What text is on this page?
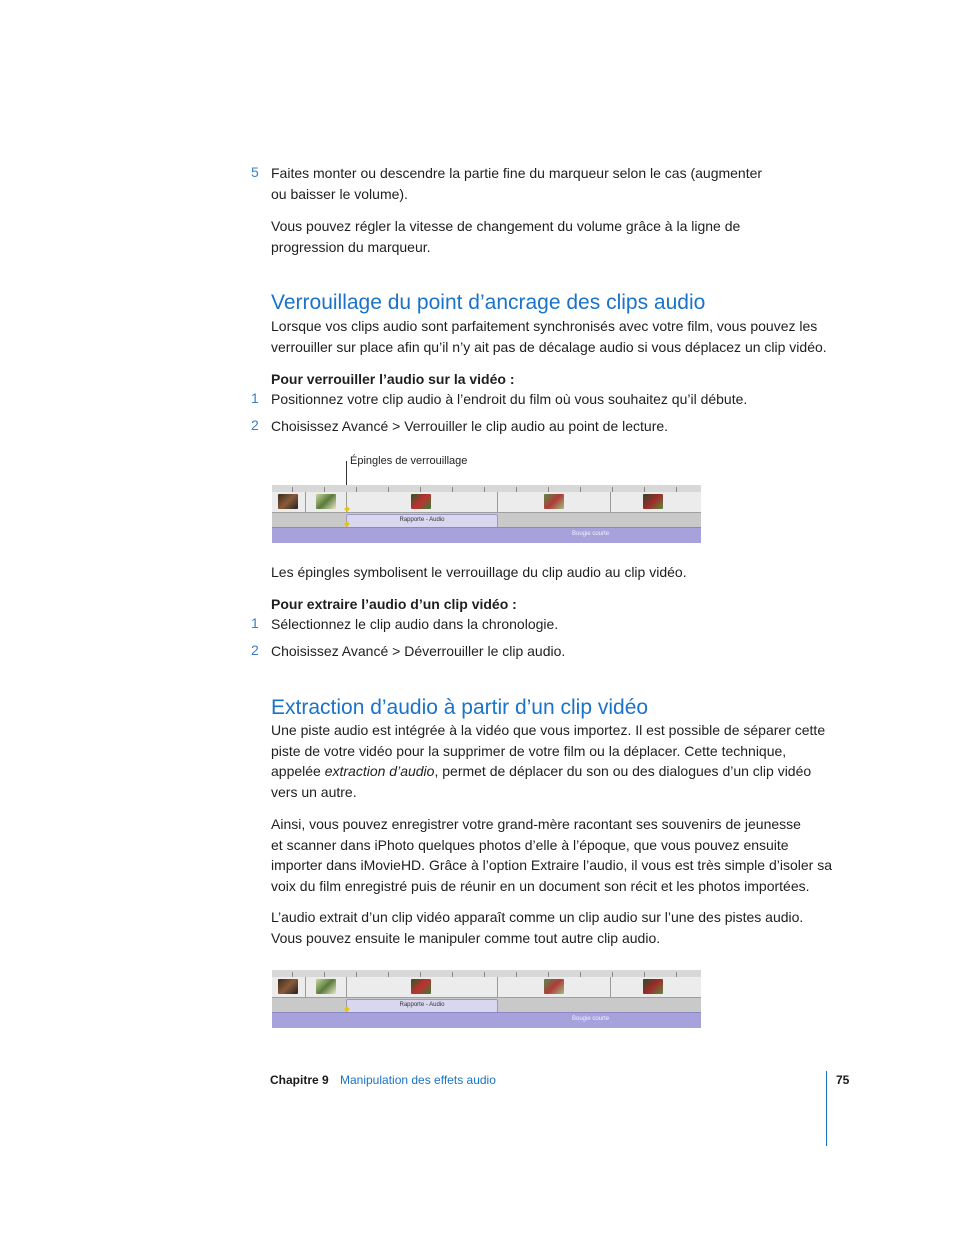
5 Faites monter ou descendre la partie fine du marqueur selon le cas (augmenter
ou baisser le volume).

Vous pouvez régler la vitesse de changement du volume grâce à la ligne de
progression du marqueur.

Verrouillage du point d’ancrage des clips audio

Lorsque vos clips audio sont parfaitement synchronisés avec votre film, vous pouvez les
verrouiller sur place afin qu’il n’y ait pas de décalage audio si vous déplacez un clip vidéo.

Pour verrouiller l’audio sur la vidéo :

1 Positionnez votre clip audio à l’endroit du film où vous souhaitez qu’il débute.

2 Choisissez Avancé > Verrouiller le clip audio au point de lecture.

Épingles de verrouillage
Rapporte - Audio
Bougie courte

Les épingles symbolisent le verrouillage du clip audio au clip vidéo.

Pour extraire l’audio d’un clip vidéo :

1 Sélectionnez le clip audio dans la chronologie.

2 Choisissez Avancé > Déverrouiller le clip audio.

Extraction d’audio à partir d’un clip vidéo

Une piste audio est intégrée à la vidéo que vous importez. Il est possible de séparer cette
piste de votre vidéo pour la supprimer de votre film ou la déplacer. Cette technique,
appelée extraction d’audio, permet de déplacer du son ou des dialogues d’un clip vidéo
vers un autre.

Ainsi, vous pouvez enregistrer votre grand-mère racontant ses souvenirs de jeunesse
et scanner dans iPhoto quelques photos d’elle à l’époque, que vous pouvez ensuite
importer dans iMovieHD. Grâce à l’option Extraire l’audio, il vous est très simple d’isoler sa
voix du film enregistré puis de réunir en un document son récit et les photos importées.

L’audio extrait d’un clip vidéo apparaît comme un clip audio sur l’une des pistes audio.
Vous pouvez ensuite le manipuler comme tout autre clip audio.

Rapporte - Audio
Bougie courte
Chapitre 9 Manipulation des effets audio	75
